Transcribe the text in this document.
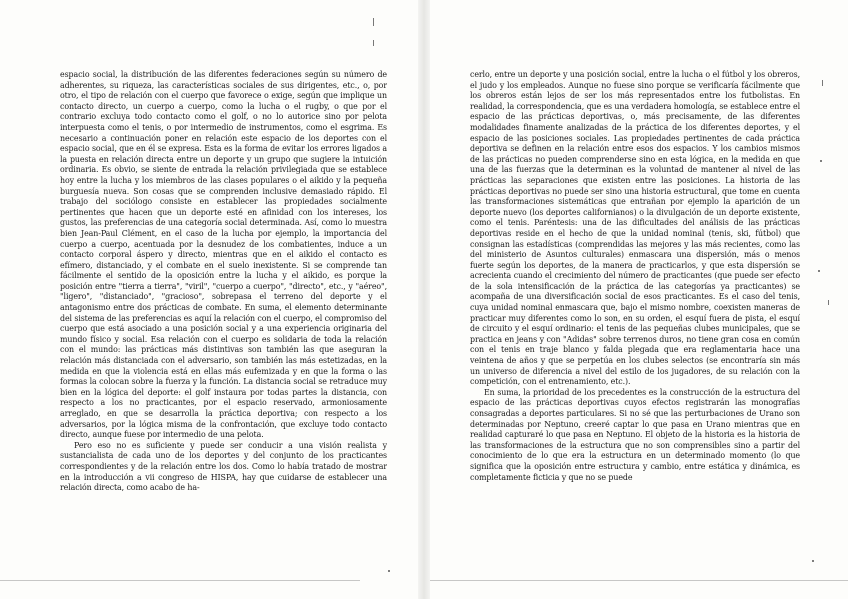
espacio social, la distribución de las diferentes federaciones según su número de adherentes, su riqueza, las características sociales de sus dirigentes, etc., o, por otro, el tipo de relación con el cuerpo que favorece o exige, según que implique un contacto directo, un cuerpo a cuerpo, como la lucha o el rugby, o que por el contrario excluya todo contacto como el golf, o no lo autorice sino por pelota interpuesta como el tenis, o por intermedio de instrumentos, como el esgrima. Es necesario a continuación poner en relación este espacio de los deportes con el espacio social, que en él se expresa. Esta es la forma de evitar los errores ligados a la puesta en relación directa entre un deporte y un grupo que sugiere la intuición ordinaria. Es obvio, se siente de entrada la relación privilegiada que se establece hoy entre la lucha y los miembros de las clases populares o el aikido y la pequeña burguesía nueva. Son cosas que se comprenden inclusive demasiado rápido. El trabajo del sociólogo consiste en establecer las propiedades socialmente pertinentes que hacen que un deporte esté en afinidad con los intereses, los gustos, las preferencias de una categoría social determinada. Así, como lo muestra bien Jean-Paul Clément, en el caso de la lucha por ejemplo, la importancia del cuerpo a cuerpo, acentuada por la desnudez de los combatientes, induce a un contacto corporal áspero y directo, mientras que en el aikido el contacto es efímero, distanciado, y el combate en el suelo inexistente. Si se comprende tan fácilmente el sentido de la oposición entre la lucha y el aikido, es porque la posición entre "tierra a tierra", "viril", "cuerpo a cuerpo", "directo", etc., y "aéreo", "ligero", "distanciado", "gracioso", sobrepasa el terreno del deporte y el antagonismo entre dos prácticas de combate. En suma, el elemento determinante del sistema de las preferencias es aquí la relación con el cuerpo, el compromiso del cuerpo que está asociado a una posición social y a una experiencia originaria del mundo físico y social. Esa relación con el cuerpo es solidaria de toda la relación con el mundo: las prácticas más distintivas son también las que aseguran la relación más distanciada con el adversario, son también las más estetizadas, en la medida en que la violencia está en ellas más eufemizada y en que la forma o las formas la colocan sobre la fuerza y la función. La distancia social se retraduce muy bien en la lógica del deporte: el golf instaura por todas partes la distancia, con respecto a los no practicantes, por el espacio reservado, armoniosamente arreglado, en que se desarrolla la práctica deportiva; con respecto a los adversarios, por la lógica misma de la confrontación, que excluye todo contacto directo, aunque fuese por intermedio de una pelota.

Pero eso no es suficiente y puede ser conducir a una visión realista y sustancialista de cada uno de los deportes y del conjunto de los practicantes correspondientes y de la relación entre los dos. Como lo había tratado de mostrar en la introducción a vii congreso de HISPA, hay que cuidarse de establecer una relación directa, como acabo de ha-

cerlo, entre un deporte y una posición social, entre la lucha o el fútbol y los obreros, el judo y los empleados. Aunque no fuese sino porque se verificaría fácilmente que los obreros están lejos de ser los más representados entre los futbolistas. En realidad, la correspondencia, que es una verdadera homología, se establece entre el espacio de las prácticas deportivas, o, más precisamente, de las diferentes modalidades finamente analizadas de la práctica de los diferentes deportes, y el espacio de las posiciones sociales. Las propiedades pertinentes de cada práctica deportiva se definen en la relación entre esos dos espacios. Y los cambios mismos de las prácticas no pueden comprenderse sino en esta lógica, en la medida en que una de las fuerzas que la determinan es la voluntad de mantener al nivel de las prácticas las separaciones que existen entre las posiciones. La historia de las prácticas deportivas no puede ser sino una historia estructural, que tome en cuenta las transformaciones sistemáticas que entrañan por ejemplo la aparición de un deporte nuevo (los deportes californianos) o la divulgación de un deporte existente, como el tenis. Paréntesis: una de las dificultades del análisis de las prácticas deportivas reside en el hecho de que la unidad nominal (tenis, ski, fútbol) que consignan las estadísticas (comprendidas las mejores y las más recientes, como las del ministerio de Asuntos culturales) enmascara una dispersión, más o menos fuerte según los deportes, de la manera de practicarlos, y que esta dispersión se acrecienta cuando el crecimiento del número de practicantes (que puede ser efecto de la sola intensificación de la práctica de las categorías ya practicantes) se acompaña de una diversificación social de esos practicantes. Es el caso del tenis, cuya unidad nominal enmascara que, bajo el mismo nombre, coexisten maneras de practicar muy diferentes como lo son, en su orden, el esquí fuera de pista, el esquí de circuito y el esquí ordinario: el tenis de las pequeñas clubes municipales, que se practica en jeans y con "Adidas" sobre terrenos duros, no tiene gran cosa en común con el tenis en traje blanco y falda plegada que era reglamentaria hace una veintena de años y que se perpetúa en los clubes selectos (se encontraría sin más un universo de diferencia a nivel del estilo de los jugadores, de su relación con la competición, con el entrenamiento, etc.).

En suma, la prioridad de los precedentes es la construcción de la estructura del espacio de las prácticas deportivas cuyos efectos registrarán las monografías consagradas a deportes particulares. Si no sé que las perturbaciones de Urano son determinadas por Neptuno, creeré captar lo que pasa en Urano mientras que en realidad capturaré lo que pasa en Neptuno. El objeto de la historia es la historia de las transformaciones de la estructura que no son comprensibles sino a partir del conocimiento de lo que era la estructura en un determinado momento (lo que significa que la oposición entre estructura y cambio, entre estática y dinámica, es completamente ficticia y que no se puede
